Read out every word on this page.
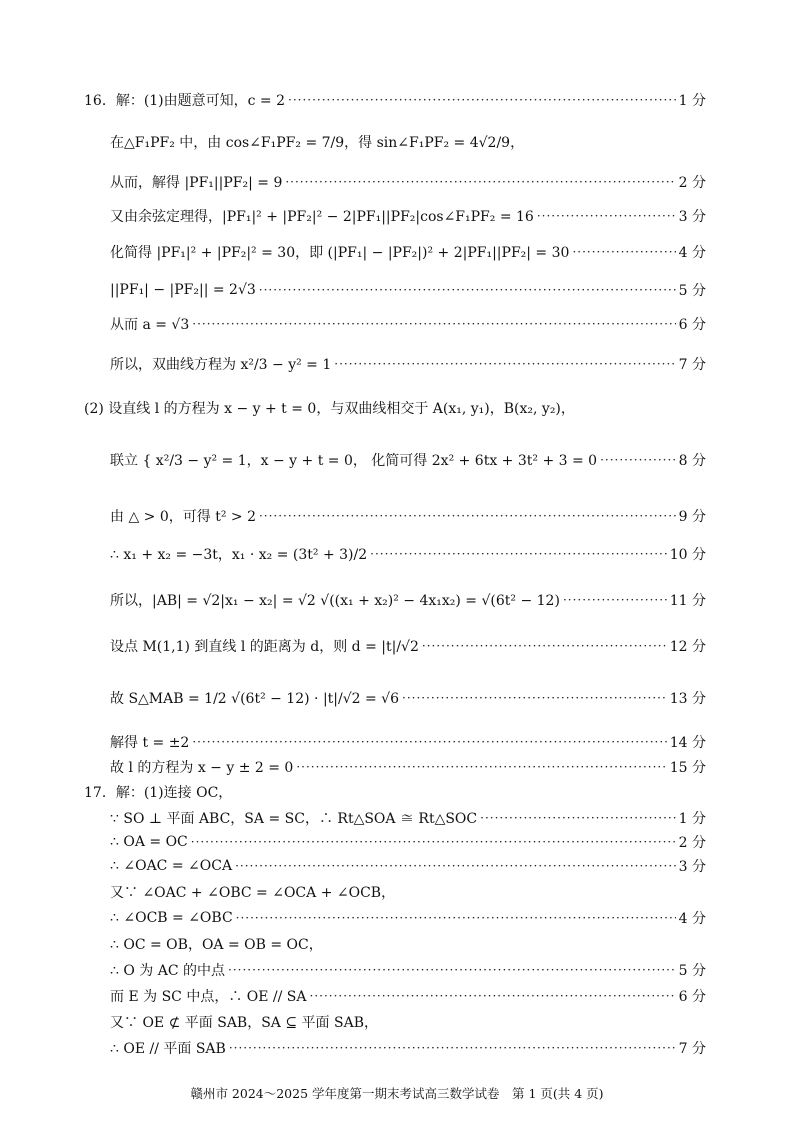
16．解：(1)由题意可知，c = 2 ·····	1 分
在△F₁PF₂ 中，由 cos∠F₁PF₂ = 7/9，得 sin∠F₁PF₂ = 4√2/9，
从而，解得 |PF₁||PF₂| = 9 ·····	2 分
又由余弦定理得，|PF₁|² + |PF₂|² − 2|PF₁||PF₂|cos∠F₁PF₂ = 16 ·····	3 分
化简得 |PF₁|² + |PF₂|² = 30，即 (|PF₁| − |PF₂|)² + 2|PF₁||PF₂| = 30 ·····	4 分
||PF₁| − |PF₂|| = 2√3 ·····	5 分
从而 a = √3 ·····	6 分
所以，双曲线方程为 x²/3 − y² = 1 ·····	7 分
(2) 设直线 l 的方程为 x − y + t = 0，与双曲线相交于 A(x₁, y₁)，B(x₂, y₂)，
联立 { x²/3 − y² = 1，x − y + t = 0， 化简可得 2x² + 6tx + 3t² + 3 = 0 ·····	8 分
由 △ > 0，可得 t² > 2 ·····	9 分
∴ x₁ + x₂ = −3t，x₁ · x₂ = (3t² + 3)/2 ·····	10 分
所以，|AB| = √2|x₁ − x₂| = √2 √((x₁ + x₂)² − 4x₁x₂) = √(6t² − 12) ·····	11 分
设点 M(1,1) 到直线 l 的距离为 d，则 d = |t|/√2 ·····	12 分
故 S△MAB = 1/2 √(6t² − 12) · |t|/√2 = √6 ·····	13 分
解得 t = ±2 ·····	14 分
故 l 的方程为 x − y ± 2 = 0 ·····	15 分
17．解：(1)连接 OC，
∵ SO ⊥ 平面 ABC，SA = SC，∴ Rt△SOA ≅ Rt△SOC ·····	1 分
∴ OA = OC ·····	2 分
∴ ∠OAC = ∠OCA ·····	3 分
又∵ ∠OAC + ∠OBC = ∠OCA + ∠OCB，
∴ ∠OCB = ∠OBC ·····	4 分
∴ OC = OB，OA = OB = OC，
∴ O 为 AC 的中点 ·····	5 分
而 E 为 SC 中点，∴ OE // SA ·····	6 分
又∵ OE ⊄ 平面 SAB，SA ⊆ 平面 SAB，
∴ OE // 平面 SAB ·····	7 分
赣州市 2024～2025 学年度第一期末考试高三数学试卷　第 1 页(共 4 页)
